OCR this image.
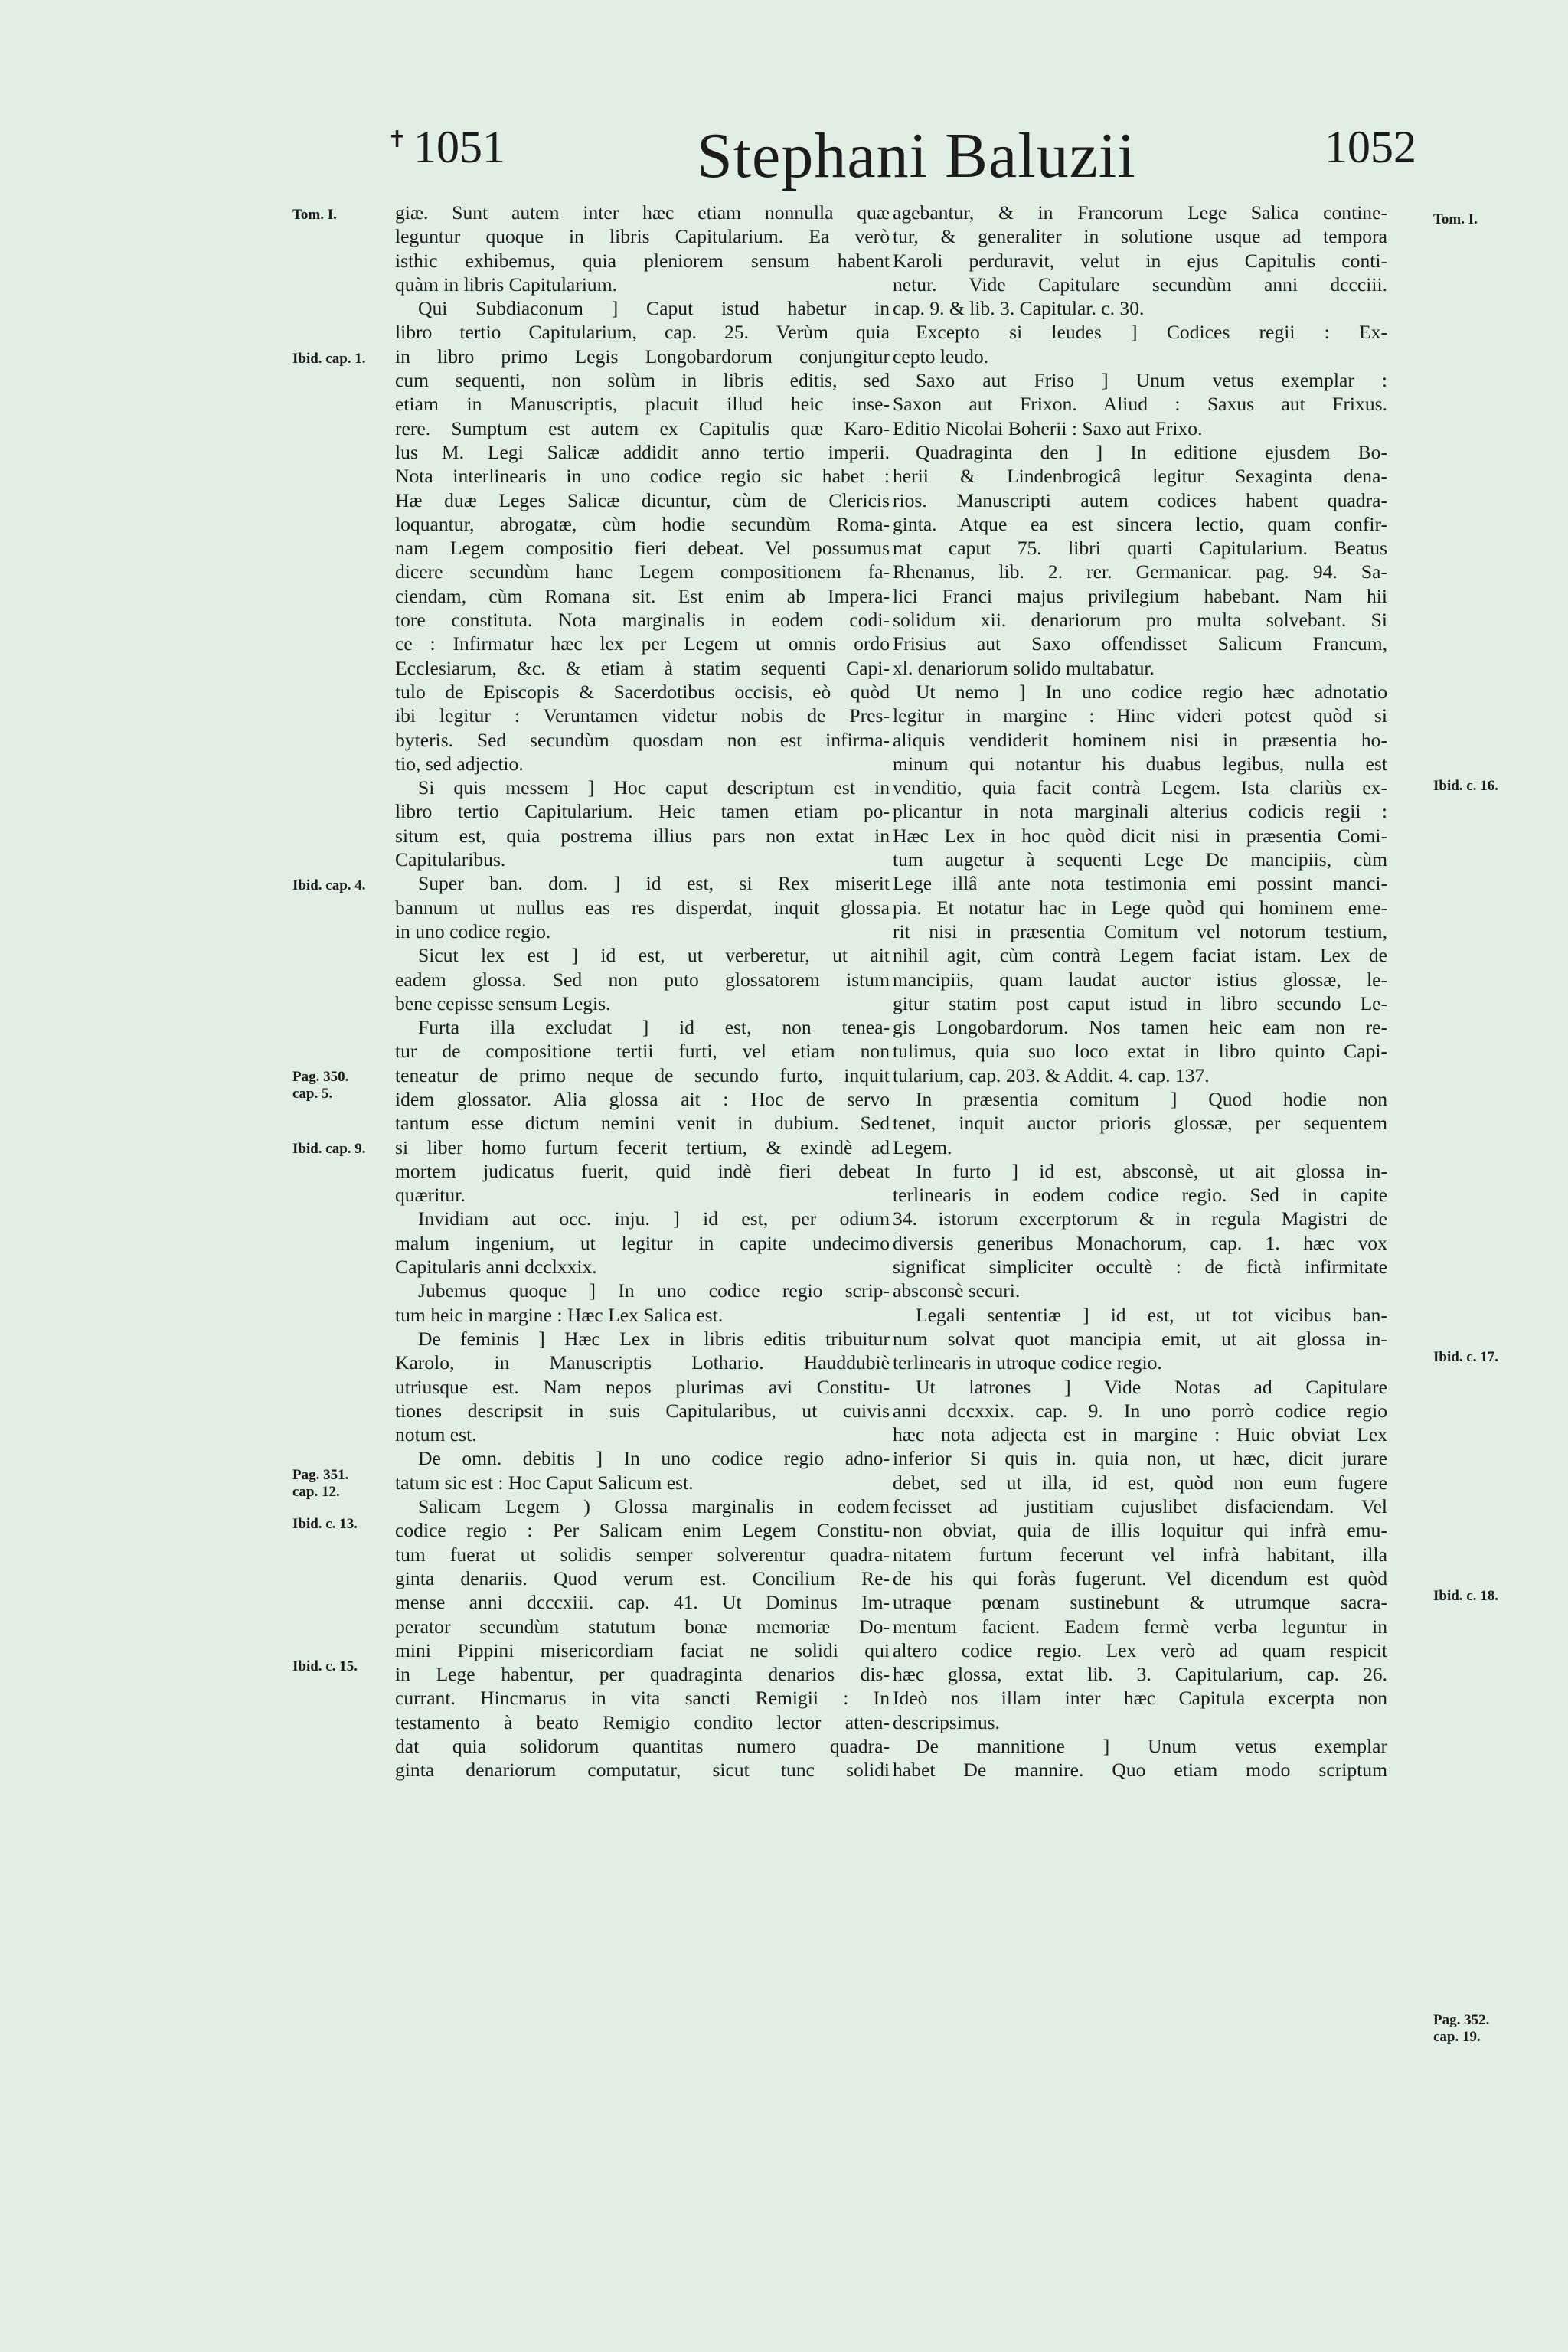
✝ 1051	Stephani Baluzii	1052
Tom. I.
Ibid. cap. 1.
Ibid. cap. 4.
Pag. 350. cap. 5.
Ibid. cap. 9.
Pag. 351. cap. 12.
Ibid. c. 13.
Ibid. c. 15.
Tom. I.
Ibid. c. 16.
Ibid. c. 17.
Ibid. c. 18.
Pag. 352. cap. 19.
giæ. Sunt autem inter hæc etiam nonnulla quæ
leguntur quoque in libris Capitularium. Ea verò
isthic exhibemus, quia pleniorem sensum habent
quàm in libris Capitularium.
Qui Subdiaconum ] Caput istud habetur in
libro tertio Capitularium, cap. 25. Verùm quia
in libro primo Legis Longobardorum conjungitur
cum sequenti, non solùm in libris editis, sed
etiam in Manuscriptis, placuit illud heic inse-
rere. Sumptum est autem ex Capitulis quæ Karo-
lus M. Legi Salicæ addidit anno tertio imperii.
Nota interlinearis in uno codice regio sic habet :
Hæ duæ Leges Salicæ dicuntur, cùm de Clericis
loquantur, abrogatæ, cùm hodie secundùm Roma-
nam Legem compositio fieri debeat. Vel possumus
dicere secundùm hanc Legem compositionem fa-
ciendam, cùm Romana sit. Est enim ab Impera-
tore constituta. Nota marginalis in eodem codi-
ce : Infirmatur hæc lex per Legem ut omnis ordo
Ecclesiarum, &c. & etiam à statim sequenti Capi-
tulo de Episcopis & Sacerdotibus occisis, eò quòd
ibi legitur : Veruntamen videtur nobis de Pres-
byteris. Sed secundùm quosdam non est infirma-
tio, sed adjectio.
Si quis messem ] Hoc caput descriptum est in
libro tertio Capitularium. Heic tamen etiam po-
situm est, quia postrema illius pars non extat in
Capitularibus.
Super ban. dom. ] id est, si Rex miserit
bannum ut nullus eas res disperdat, inquit glossa
in uno codice regio.
Sicut lex est ] id est, ut verberetur, ut ait
eadem glossa. Sed non puto glossatorem istum
bene cepisse sensum Legis.
Furta illa excludat ] id est, non tenea-
tur de compositione tertii furti, vel etiam non
teneatur de primo neque de secundo furto, inquit
idem glossator. Alia glossa ait : Hoc de servo
tantum esse dictum nemini venit in dubium. Sed
si liber homo furtum fecerit tertium, & exindè ad
mortem judicatus fuerit, quid indè fieri debeat
quæritur.
Invidiam aut occ. inju. ] id est, per odium
malum ingenium, ut legitur in capite undecimo
Capitularis anni dcclxxix.
Jubemus quoque ] In uno codice regio scrip-
tum heic in margine : Hæc Lex Salica est.
De feminis ] Hæc Lex in libris editis tribuitur
Karolo, in Manuscriptis Lothario. Hauddubiè
utriusque est. Nam nepos plurimas avi Constitu-
tiones descripsit in suis Capitularibus, ut cuivis
notum est.
De omn. debitis ] In uno codice regio adno-
tatum sic est : Hoc Caput Salicum est.
Salicam Legem ) Glossa marginalis in eodem
codice regio : Per Salicam enim Legem Constitu-
tum fuerat ut solidis semper solverentur quadra-
ginta denariis. Quod verum est. Concilium Re-
mense anni dcccxiii. cap. 41. Ut Dominus Im-
perator secundùm statutum bonæ memoriæ Do-
mini Pippini misericordiam faciat ne solidi qui
in Lege habentur, per quadraginta denarios dis-
currant. Hincmarus in vita sancti Remigii : In
testamento à beato Remigio condito lector atten-
dat quia solidorum quantitas numero quadra-
ginta denariorum computatur, sicut tunc solidi
agebantur, & in Francorum Lege Salica contine-
tur, & generaliter in solutione usque ad tempora
Karoli perduravit, velut in ejus Capitulis conti-
netur. Vide Capitulare secundùm anni dccciii.
cap. 9. & lib. 3. Capitular. c. 30.
Excepto si leudes ] Codices regii : Ex-
cepto leudo.
Saxo aut Friso ] Unum vetus exemplar :
Saxon aut Frixon. Aliud : Saxus aut Frixus.
Editio Nicolai Boherii : Saxo aut Frixo.
Quadraginta den ] In editione ejusdem Bo-
herii & Lindenbrogicâ legitur Sexaginta dena-
rios. Manuscripti autem codices habent quadra-
ginta. Atque ea est sincera lectio, quam confir-
mat caput 75. libri quarti Capitularium. Beatus
Rhenanus, lib. 2. rer. Germanicar. pag. 94. Sa-
lici Franci majus privilegium habebant. Nam hii
solidum xii. denariorum pro multa solvebant. Si
Frisius aut Saxo offendisset Salicum Francum,
xl. denariorum solido multabatur.
Ut nemo ] In uno codice regio hæc adnotatio
legitur in margine : Hinc videri potest quòd si
aliquis vendiderit hominem nisi in præsentia ho-
minum qui notantur his duabus legibus, nulla est
venditio, quia facit contrà Legem. Ista clariùs ex-
plicantur in nota marginali alterius codicis regii :
Hæc Lex in hoc quòd dicit nisi in præsentia Comi-
tum augetur à sequenti Lege De mancipiis, cùm
Lege illâ ante nota testimonia emi possint manci-
pia. Et notatur hac in Lege quòd qui hominem eme-
rit nisi in præsentia Comitum vel notorum testium,
nihil agit, cùm contrà Legem faciat istam. Lex de
mancipiis, quam laudat auctor istius glossæ, le-
gitur statim post caput istud in libro secundo Le-
gis Longobardorum. Nos tamen heic eam non re-
tulimus, quia suo loco extat in libro quinto Capi-
tularium, cap. 203. & Addit. 4. cap. 137.
In præsentia comitum ] Quod hodie non
tenet, inquit auctor prioris glossæ, per sequentem
Legem.
In furto ] id est, absconsè, ut ait glossa in-
terlinearis in eodem codice regio. Sed in capite
34. istorum excerptorum & in regula Magistri de
diversis generibus Monachorum, cap. 1. hæc vox
significat simpliciter occultè : de fictà infirmitate
absconsè securi.
Legali sententiæ ] id est, ut tot vicibus ban-
num solvat quot mancipia emit, ut ait glossa in-
terlinearis in utroque codice regio.
Ut latrones ] Vide Notas ad Capitulare
anni dccxxix. cap. 9. In uno porrò codice regio
hæc nota adjecta est in margine : Huic obviat Lex
inferior Si quis in. quia non, ut hæc, dicit jurare
debet, sed ut illa, id est, quòd non eum fugere
fecisset ad justitiam cujuslibet disfaciendam. Vel
non obviat, quia de illis loquitur qui infrà emu-
nitatem furtum fecerunt vel infrà habitant, illa
de his qui foràs fugerunt. Vel dicendum est quòd
utraque pœnam sustinebunt & utrumque sacra-
mentum facient. Eadem fermè verba leguntur in
altero codice regio. Lex verò ad quam respicit
hæc glossa, extat lib. 3. Capitularium, cap. 26.
Ideò nos illam inter hæc Capitula excerpta non
descripsimus.
De mannitione ] Unum vetus exemplar
habet De mannire. Quo etiam modo scriptum
